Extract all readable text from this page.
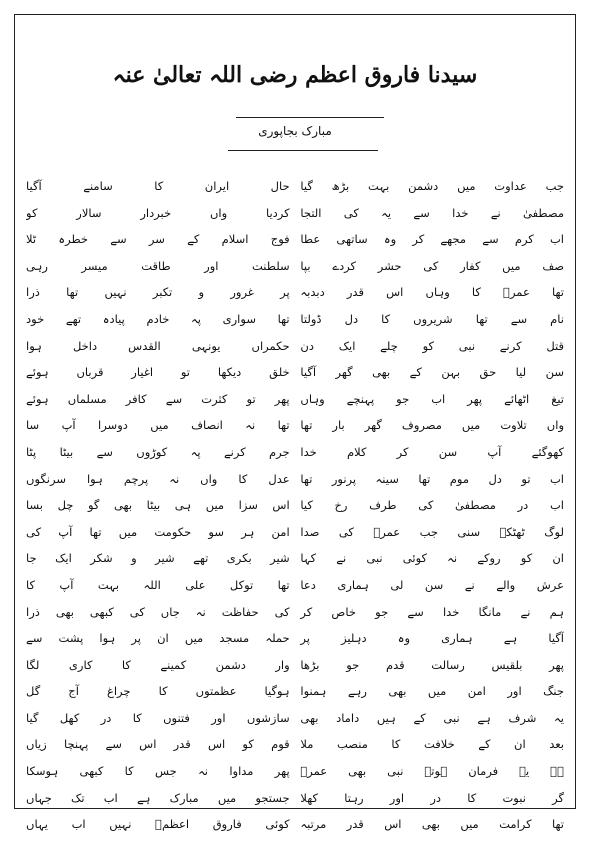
سیدنا فاروق اعظم رضی اللہ تعالیٰ عنہ
مبارک بجاپوری
جب عداوت میں دشمن بہت بڑھ گیاحال ایران کا سامنے آگیا
مصطفیٰ نے خدا سے یہ کی التجاکردیا واں خبردار سالار کو
اب کرم سے مجھے کر وہ ساتھی عطافوج اسلام کے سر سے خطرہ ٹلا
صف میں کفار کی حشر کردے بپاسلطنت اور طاقت میسر رہی
تھا عمرؓ کا وہاں اس قدر دبدبہپر غرور و تکبر نہیں تھا ذرا
نام سے تھا شریروں کا دل ڈولتاتھا سواری پہ خادم پیادہ تھے خود
قتل کرنے نبی کو چلے ایک دنحکمراں یونہی القدس داخل ہوا
سن لیا حق بہن کے بھی گھر آگیاخلق دیکھا تو اغیار قرباں ہوئے
تیغ اٹھائے پھر اب جو پہنچے وہاںپھر تو کثرت سے کافر مسلماں ہوئے
واں تلاوت میں مصروف گھر بار تھاتھا نہ انصاف میں دوسرا آپ سا
کھوگئے آپ سن کر کلام خداجرم کرنے پہ کوڑوں سے بیٹا پٹا
اب تو دل موم تھا سینہ پرنور تھاعدل کا واں نہ پرچم ہوا سرنگوں
اب در مصطفیٰ کی طرف رخ کیااس سزا میں ہی بیٹا بھی گو چل بسا
لوگ ٹھٹکے سنی جب عمرؓ کی صداامن ہر سو حکومت میں تھا آپ کی
ان کو روکے نہ کوئی نبی نے کہاشیر بکری تھے شیر و شکر ایک جا
عرش والے نے سن لی ہماری دعاتھا توکل علی اللہ بہت آپ کا
ہم نے مانگا خدا سے جو خاص کرکی حفاظت نہ جاں کی کبھی بھی ذرا
آگیا ہے ہماری وہ دہلیز پرحملہ مسجد میں ان پر ہوا پشت سے
پھر بلقیس رسالت قدم جو بڑھاوار دشمن کمینے کا کاری لگا
جنگ اور امن میں بھی رہے ہمنواہوگیا عظمتوں کا چراغ آج گل
یہ شرف ہے نبی کے ہیں داماد بھیسازشوں اور فتنوں کا در کھل گیا
بعد ان کے خلافت کا منصب ملاقوم کو اس قدر اس سے پہنچا زیاں
ہے یہ فرمان ہوتے نبی بھی عمرؓپھر مداوا نہ جس کا کبھی ہوسکا
گر نبوت کا در اور رہتا کھلاجستجو میں مبارک ہے اب تک جہاں
تھا کرامت میں بھی اس قدر مرتبہکوئی فاروق اعظمؓ نہیں اب یہاں
